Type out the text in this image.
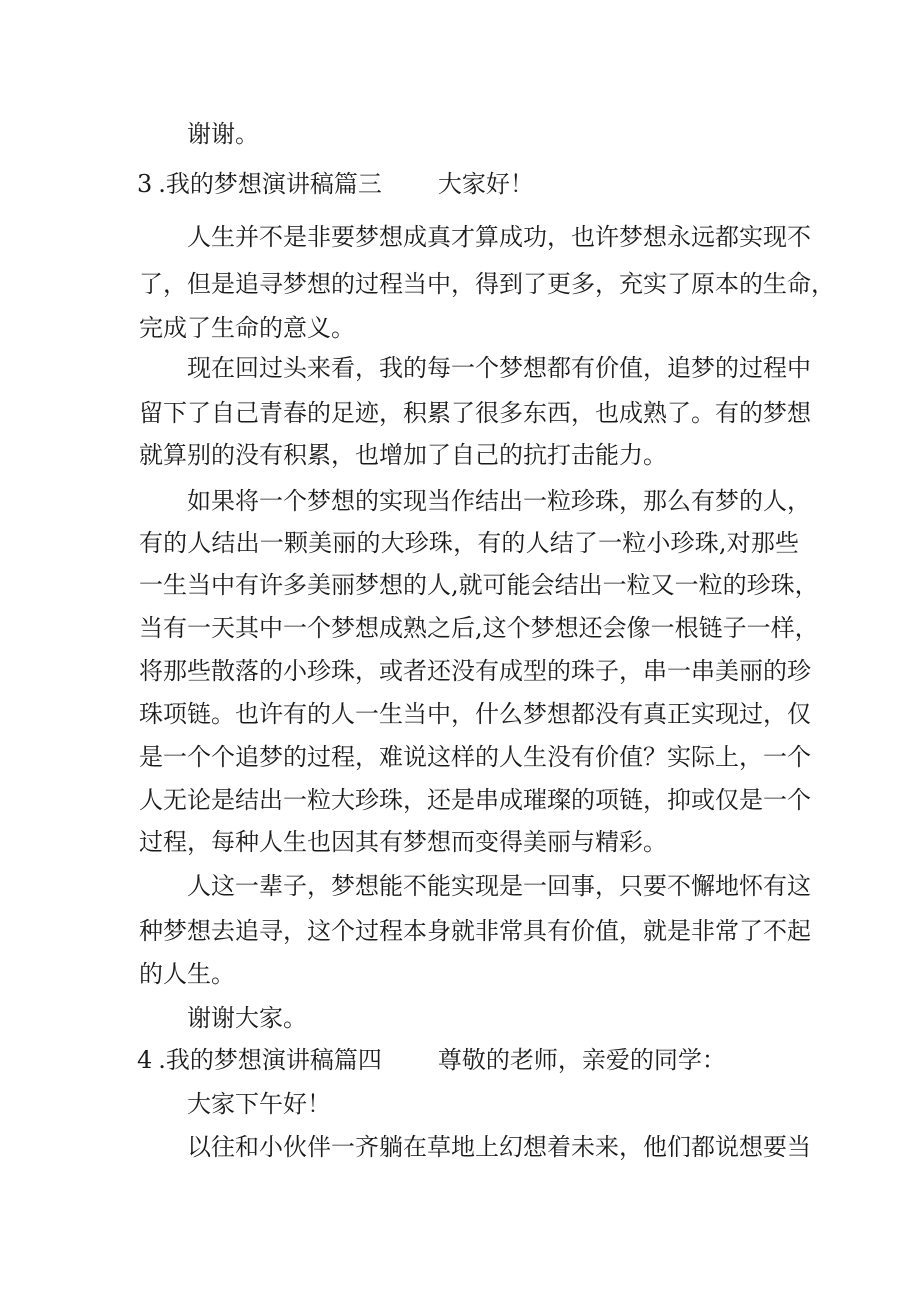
谢谢。
3 .我的梦想演讲稿篇三 大家好！
人生并不是非要梦想成真才算成功，也许梦想永远都实现不
了，但是追寻梦想的过程当中，得到了更多，充实了原本的生命，
完成了生命的意义。
现在回过头来看，我的每一个梦想都有价值，追梦的过程中
留下了自己青春的足迹，积累了很多东西，也成熟了。有的梦想
就算别的没有积累，也增加了自己的抗打击能力。
如果将一个梦想的实现当作结出一粒珍珠，那么有梦的人，
有的人结出一颗美丽的大珍珠，有的人结了一粒小珍珠,对那些
一生当中有许多美丽梦想的人,就可能会结出一粒又一粒的珍珠，
当有一天其中一个梦想成熟之后,这个梦想还会像一根链子一样，
将那些散落的小珍珠，或者还没有成型的珠子，串一串美丽的珍
珠项链。也许有的人一生当中，什么梦想都没有真正实现过，仅
是一个个追梦的过程，难说这样的人生没有价值？实际上，一个
人无论是结出一粒大珍珠，还是串成璀璨的项链，抑或仅是一个
过程，每种人生也因其有梦想而变得美丽与精彩。
人这一辈子，梦想能不能实现是一回事，只要不懈地怀有这
种梦想去追寻，这个过程本身就非常具有价值，就是非常了不起
的人生。
谢谢大家。
4 .我的梦想演讲稿篇四 尊敬的老师，亲爱的同学：
大家下午好！
以往和小伙伴一齐躺在草地上幻想着未来，他们都说想要当
